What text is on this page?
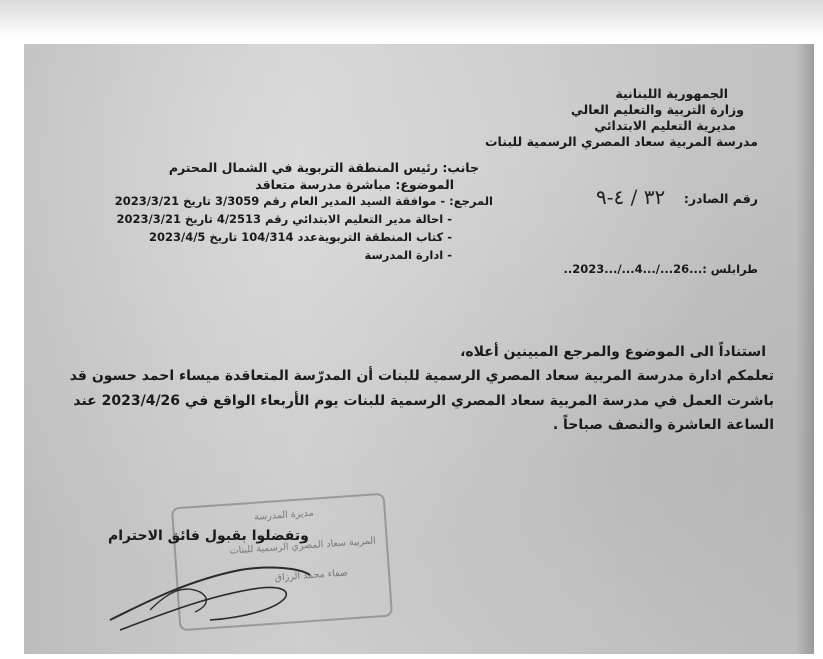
الجمهورية اللبنانية
وزارة التربية والتعليم العالي
مديرية التعليم الابتدائي
مدرسة المربية سعاد المصري الرسمية للبنات
جانب: رئيس المنطقة التربوية في الشمال المحترم
الموضوع: مباشرة مدرسة متعاقد
المرجع: - موافقة السيد المدير العام رقم 3/3059 تاريخ 2023/3/21
- احالة مدير التعليم الابتدائي رقم 4/2513 تاريخ 2023/3/21
- كتاب المنطقة التربويةعدد 104/314 تاريخ 2023/4/5
- ادارة المدرسة
رقم الصادر:
٣٢ / ٤-٩
طرابلس :...26.../...4.../...2023..
استناداً الى الموضوع والمرجع المبينين أعلاه،
تعلمكم ادارة مدرسة المربية سعاد المصري الرسمية للبنات أن المدرّسة المتعاقدة ميساء احمد حسون قد
باشرت العمل في مدرسة المربية سعاد المصري الرسمية للبنات يوم الأربعاء الواقع في 2023/4/26 عند
الساعة العاشرة والنصف صباحاً .
وتفضلوا بقبول فائق الاحترام
مديرة المدرسة
المربية سعاد المصري الرسمية للبنات
صفاء محمد الرزاق
